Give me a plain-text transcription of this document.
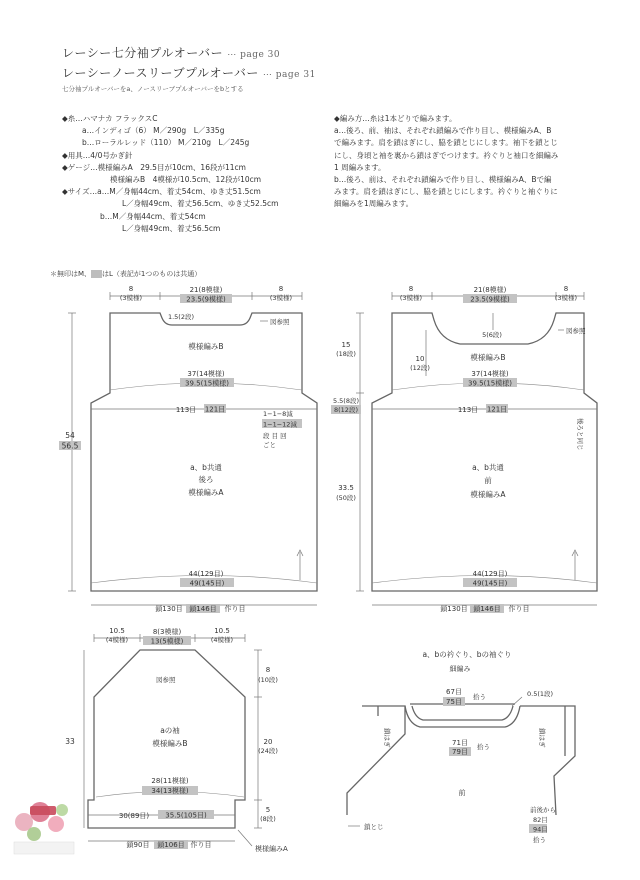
レーシー七分袖プルオーバー ⋯ page 30
レーシーノースリーブプルオーバー ⋯ page 31
七分袖プルオーバーをa、ノースリーブプルオーバーをbとする
◆糸…ハマナカ フラックスC
a…インディゴ（6） M／290g　L／335g
b…ローラルレッド（110） M／210g　L／245g
◆用具…4/0号かぎ針
◆ゲージ…模様編みA　29.5目が10cm、16段が11cm
模様編みB　4模様が10.5cm、12段が10cm
◆サイズ…a…M／身幅44cm、着丈54cm、ゆき丈51.5cm
L／身幅49cm、着丈56.5cm、ゆき丈52.5cm
b…M／身幅44cm、着丈54cm
L／身幅49cm、着丈56.5cm
◆編み方…糸は1本どりで編みます。
a…後ろ、前、袖は、それぞれ鎖編みで作り目し、模様編みA、B
で編みます。肩を鎖はぎにし、脇を鎖とじにします。袖下を鎖とじ
にし、身頃と袖を裏から鎖はぎでつけます。衿ぐりと袖口を細編み
1 周編みます。
b…後ろ、前は、それぞれ鎖編みで作り目し、模様編みA、Bで編
みます。肩を鎖はぎにし、脇を鎖とじにします。衿ぐりと袖ぐりに
細編みを1周編みます。
＊無印はM、 はL（表記が1つのものは共通）
8
(3模様)
21(8模様)
23.5(9模様)
8
(3模様)
1.5(2段)
図参照
模様編みB
37(14模様)
39.5(15模様)
113目 121目
1−1−8減
1−1−12減
段 目 回
ごと
54
56.5
a、b共通
後ろ
模様編みA
44(129目)
49(145目)
鎖130目 鎖146目 作り目
8
(3模様)
21(8模様)
23.5(9模様)
8
(3模様)
15
(18段)
5.5(8段)
8(12段)
33.5
(50段)
5(6段)	図参照
10
(12段)
模様編みB
37(14模様)
39.5(15模様)
113目 121目
後ろと同じ
a、b共通
前
模様編みA
44(129目)
49(145目)
鎖130目 鎖146目 作り目
10.5
(4模様)
8(3模様)
13(5模様)
10.5
(4模様)
図参照
8
(10段)
20
(24段)
5
(8段)
33
aの袖
模様編みB
28(11模様)
34(13模様)
30(89目) 35.5(105目)
鎖90目 鎖106目 作り目	模様編みA
a、bの衿ぐり、bの袖ぐり
細編み
67目
75目
拾う	0.5(1段)
鎖はぎ	鎖はぎ
71目
79目
拾う
前
鎖とじ
前後から
82目
94目
拾う
